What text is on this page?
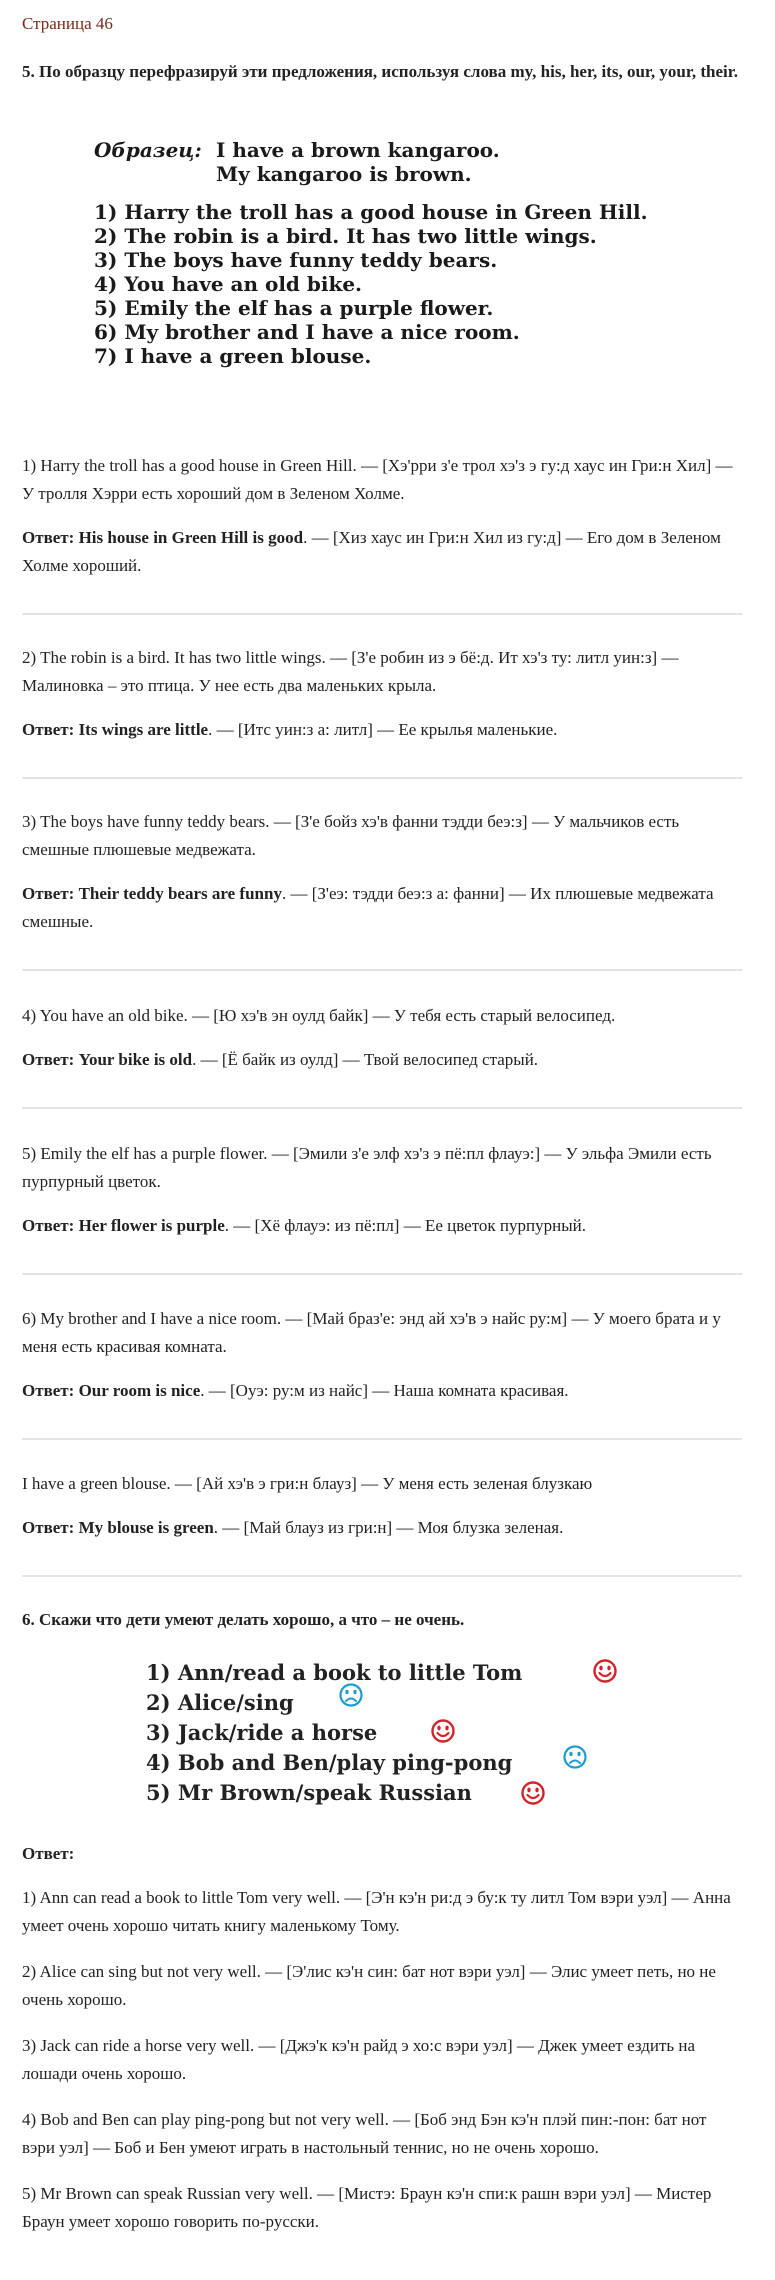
Страница 46
5. По образцу перефразируй эти предложения, используя слова my, his, her, its, our, your, their.
Образец: I have a brown kangaroo.
My kangaroo is brown.
1) Harry the troll has a good house in Green Hill.
2) The robin is a bird. It has two little wings.
3) The boys have funny teddy bears.
4) You have an old bike.
5) Emily the elf has a purple flower.
6) My brother and I have a nice room.
7) I have a green blouse.

1) Harry the troll has a good house in Green Hill. — [Хэ'рри з'е трол хэ'з э гу:д хаус ин Гри:н Хил] — У тролля Хэрри есть хороший дом в Зеленом Холме.

Ответ: His house in Green Hill is good. — [Хиз хаус ин Гри:н Хил из гу:д] — Его дом в Зеленом Холме хороший.

2) The robin is a bird. It has two little wings. — [З'е робин из э бё:д. Ит хэ'з ту: литл уин:з] — Малиновка – это птица. У нее есть два маленьких крыла.

Ответ: Its wings are little. — [Итс уин:з а: литл] — Ее крылья маленькие.

3) The boys have funny teddy bears. — [З'е бойз хэ'в фанни тэдди беэ:з] — У мальчиков есть смешные плюшевые медвежата.

Ответ: Their teddy bears are funny. — [З'еэ: тэдди беэ:з а: фанни] — Их плюшевые медвежата смешные.

4) You have an old bike. — [Ю хэ'в эн оулд байк] — У тебя есть старый велосипед.

Ответ: Your bike is old. — [Ё байк из оулд] — Твой велосипед старый.

5) Emily the elf has a purple flower. — [Эмили з'е элф хэ'з э пё:пл флауэ:] — У эльфа Эмили есть пурпурный цветок.

Ответ: Her flower is purple. — [Хё флауэ: из пё:пл] — Ее цветок пурпурный.

6) My brother and I have a nice room. — [Май браз'е: энд ай хэ'в э найс ру:м] — У моего брата и у меня есть красивая комната.

Ответ: Our room is nice. — [Оуэ: ру:м из найс] — Наша комната красивая.

I have a green blouse. — [Ай хэ'в э гри:н блауз] — У меня есть зеленая блузкаю

Ответ: My blouse is green. — [Май блауз из гри:н] — Моя блузка зеленая.

6. Скажи что дети умеют делать хорошо, а что – не очень.
1) Ann/read a book to little Tom
2) Alice/sing
3) Jack/ride a horse
4) Bob and Ben/play ping-pong
5) Mr Brown/speak Russian
Ответ:

1) Ann can read a book to little Tom very well. — [Э'н кэ'н ри:д э бу:к ту литл Том вэри уэл] — Анна умеет очень хорошо читать книгу маленькому Тому.

2) Alice can sing but not very well. — [Э'лис кэ'н син: бат нот вэри уэл] — Элис умеет петь, но не очень хорошо.

3) Jack can ride a horse very well. — [Джэ'к кэ'н райд э хо:с вэри уэл] — Джек умеет ездить на лошади очень хорошо.

4) Bob and Ben can play ping-pong but not very well. — [Боб энд Бэн кэ'н плэй пин:-пон: бат нот вэри уэл] — Боб и Бен умеют играть в настольный теннис, но не очень хорошо.

5) Mr Brown can speak Russian very well. — [Мистэ: Браун кэ'н спи:к рашн вэри уэл] — Мистер Браун умеет хорошо говорить по-русски.
